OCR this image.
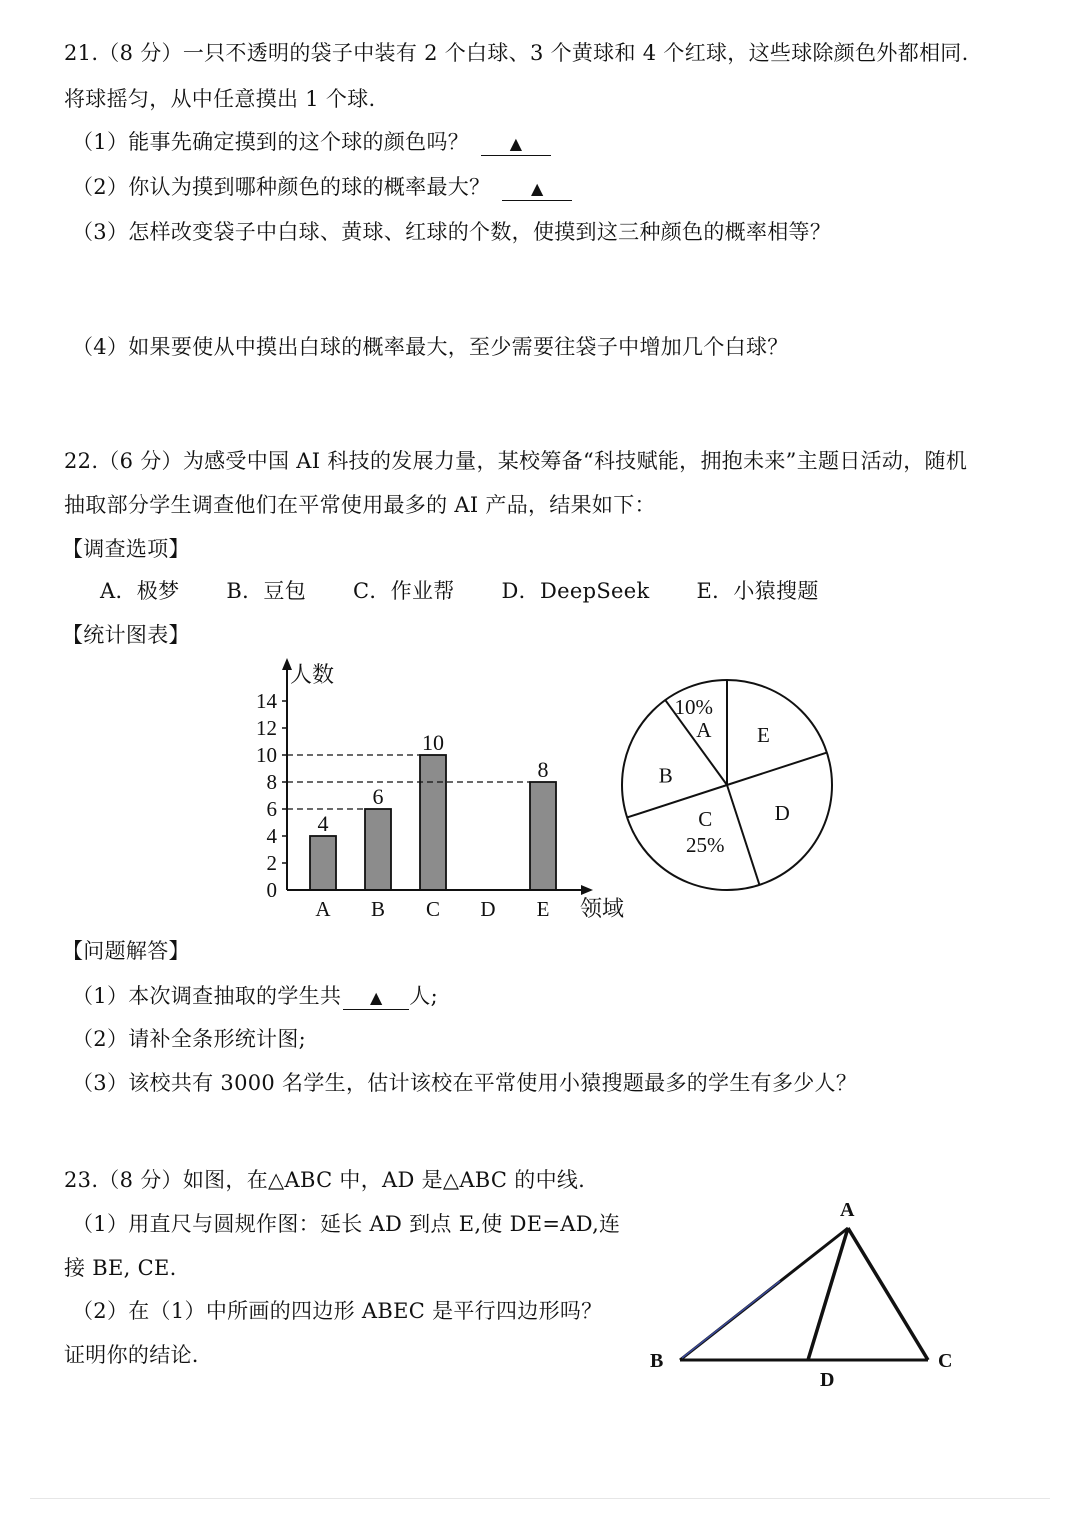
21.（8 分）一只不透明的袋子中装有 2 个白球、3 个黄球和 4 个红球，这些球除颜色外都相同.
将球摇匀，从中任意摸出 1 个球.
（1）能事先确定摸到的这个球的颜色吗？	▲
（2）你认为摸到哪种颜色的球的概率最大？	▲
（3）怎样改变袋子中白球、黄球、红球的个数，使摸到这三种颜色的概率相等？
（4）如果要使从中摸出白球的概率最大，至少需要往袋子中增加几个白球？
22.（6 分）为感受中国 AI 科技的发展力量，某校筹备“科技赋能，拥抱未来”主题日活动，随机
抽取部分学生调查他们在平常使用最多的 AI 产品，结果如下：
【调查选项】
A．极梦 B．豆包 C．作业帮 D．DeepSeek E．小猿搜题
【统计图表】
人数
领域
0
2
4
6
8
10
12
14
4
A
6
B
10
C D
8
E
10%
A E
D
25%
C
B
【问题解答】
（1）本次调查抽取的学生共 ▲ 人;
（2）请补全条形统计图;
（3）该校共有 3000 名学生，估计该校在平常使用小猿搜题最多的学生有多少人？
23.（8 分）如图，在△ABC 中，AD 是△ABC 的中线.
（1）用直尺与圆规作图：延长 AD 到点 E,使 DE=AD,连
接 BE, CE.
（2）在（1）中所画的四边形 ABEC 是平行四边形吗？
证明你的结论.
A
B	C
D
